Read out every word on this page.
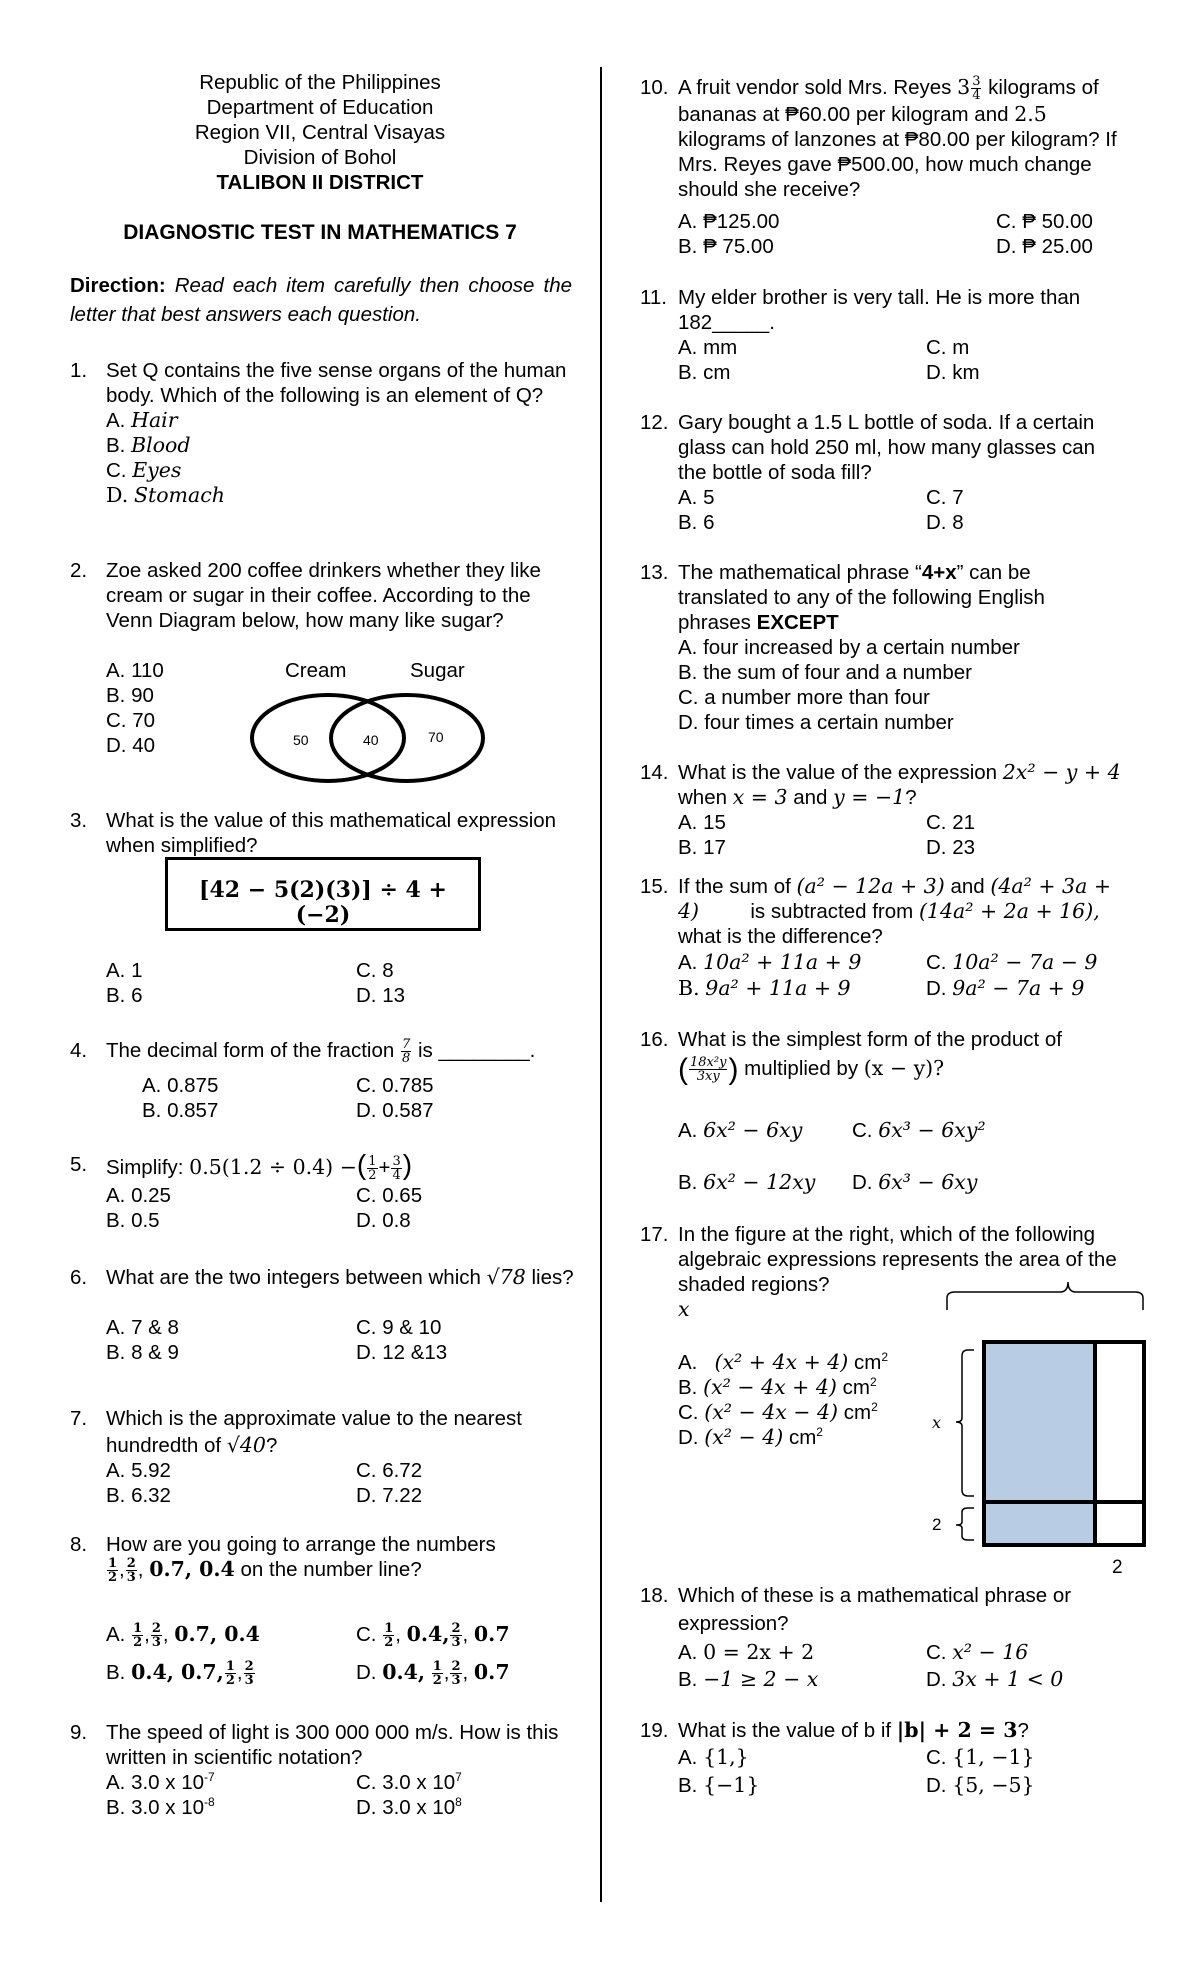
Republic of the Philippines
Department of Education
Region VII, Central Visayas
Division of Bohol
TALIBON II DISTRICT
DIAGNOSTIC TEST IN MATHEMATICS 7
Direction: Read each item carefully then choose the letter that best answers each question.
1. Set Q contains the five sense organs of the human body. Which of the following is an element of Q?
A. Hair
B. Blood
C. Eyes
D. Stomach
2. Zoe asked 200 coffee drinkers whether they like cream or sugar in their coffee. According to the Venn Diagram below, how many like sugar?
A. 110
B. 90
C. 70
D. 40
Cream	Sugar
50	40	70
3. What is the value of this mathematical expression when simplified?
[42 − 5(2)(3)] ÷ 4 + (−2)
A. 1
B. 6
C. 8
D. 13
4. The decimal form of the fraction $\frac{7}{8}$ is ________.
A. 0.875
B. 0.857
C. 0.785
D. 0.587
5. Simplify: 0.5(1.2 ÷ 0.4) −( $\frac{1}{2} + \frac{3}{4}$ )
A. 0.25
B. 0.5
C. 0.65
D. 0.8
6. What are the two integers between which √78 lies?
A. 7 & 8
B. 8 & 9
C. 9 & 10
D. 12 &13
7. Which is the approximate value to the nearest hundredth of √40?
A. 5.92
B. 6.32
C. 6.72
D. 7.22
8. How are you going to arrange the numbers
$\frac{1}{2}$ , $\frac{2}{3}$ , 0.7, 0.4 on the number line?
A. $\frac{1}{2}$ , $\frac{2}{3}$ , 0.7, 0.4
B. 0.4, 0.7, $\frac{1}{2}$ , $\frac{2}{3}$
C. $\frac{1}{2}$ , 0.4, $\frac{2}{3}$ , 0.7
D. 0.4, $\frac{1}{2}$ , $\frac{2}{3}$ , 0.7
9. The speed of light is 300 000 000 m/s. How is this written in scientific notation?
A. 3.0 x $10^{-7}$
B. 3.0 x $10^{-8}$
C. 3.0 x $10^7$
D. 3.0 x $10^8$
10. A fruit vendor sold Mrs. Reyes $3 \frac{3}{4}$ kilograms of
bananas at ₱60.00 per kilogram and 2.5
kilograms of lanzones at ₱80.00 per kilogram? If Mrs. Reyes gave ₱500.00, how much change should she receive?
A. ₱125.00
B. ₱ 75.00
C. ₱ 50.00
D. ₱ 25.00
11. My elder brother is very tall. He is more than 182_____.
A. mm
B. cm
C. m
D. km
12. Gary bought a 1.5 L bottle of soda. If a certain glass can hold 250 ml, how many glasses can the bottle of soda fill?
A. 5
B. 6
C. 7
D. 8
13. The mathematical phrase “4+x” can be translated to any of the following English phrases EXCEPT
A. four increased by a certain number
B. the sum of four and a number
C. a number more than four
D. four times a certain number
14. What is the value of the expression 2x² − y + 4 when x = 3 and y = −1?
A. 15
B. 17
C. 21
D. 23
15. If the sum of (a² − 12a + 3) and (4a² + 3a +
4)	is subtracted from (14a² + 2a + 16),
what is the difference?
A. 10a² + 11a + 9
B. 9a² + 11a + 9
C. 10a² − 7a − 9
D. 9a² − 7a + 9
16. What is the simplest form of the product of
( $\frac{\text{18x²y}}{3xy}$ ) multiplied by (x − y)?
A. 6x² − 6xy
B. 6x² − 12xy
C. 6x³ − 6xy²
D. 6x³ − 6xy
17. In the figure at the right, which of the following algebraic expressions represents the area of the shaded regions?
x
A. (x² + 4x + 4) $cm^2$
B. (x² − 4x + 4) $cm^2$
C. (x² − 4x − 4) $cm^2$
D. (x² − 4) $cm^2$
x
2
2
18. Which of these is a mathematical phrase or expression?
A. 0 = 2x + 2
B. −1 ≥ 2 − x
C. x² − 16
D. 3x + 1 < 0
19. What is the value of b if |b| + 2 = 3?
A. {1,}
B. {−1}
C. {1, −1}
D. {5, −5}
